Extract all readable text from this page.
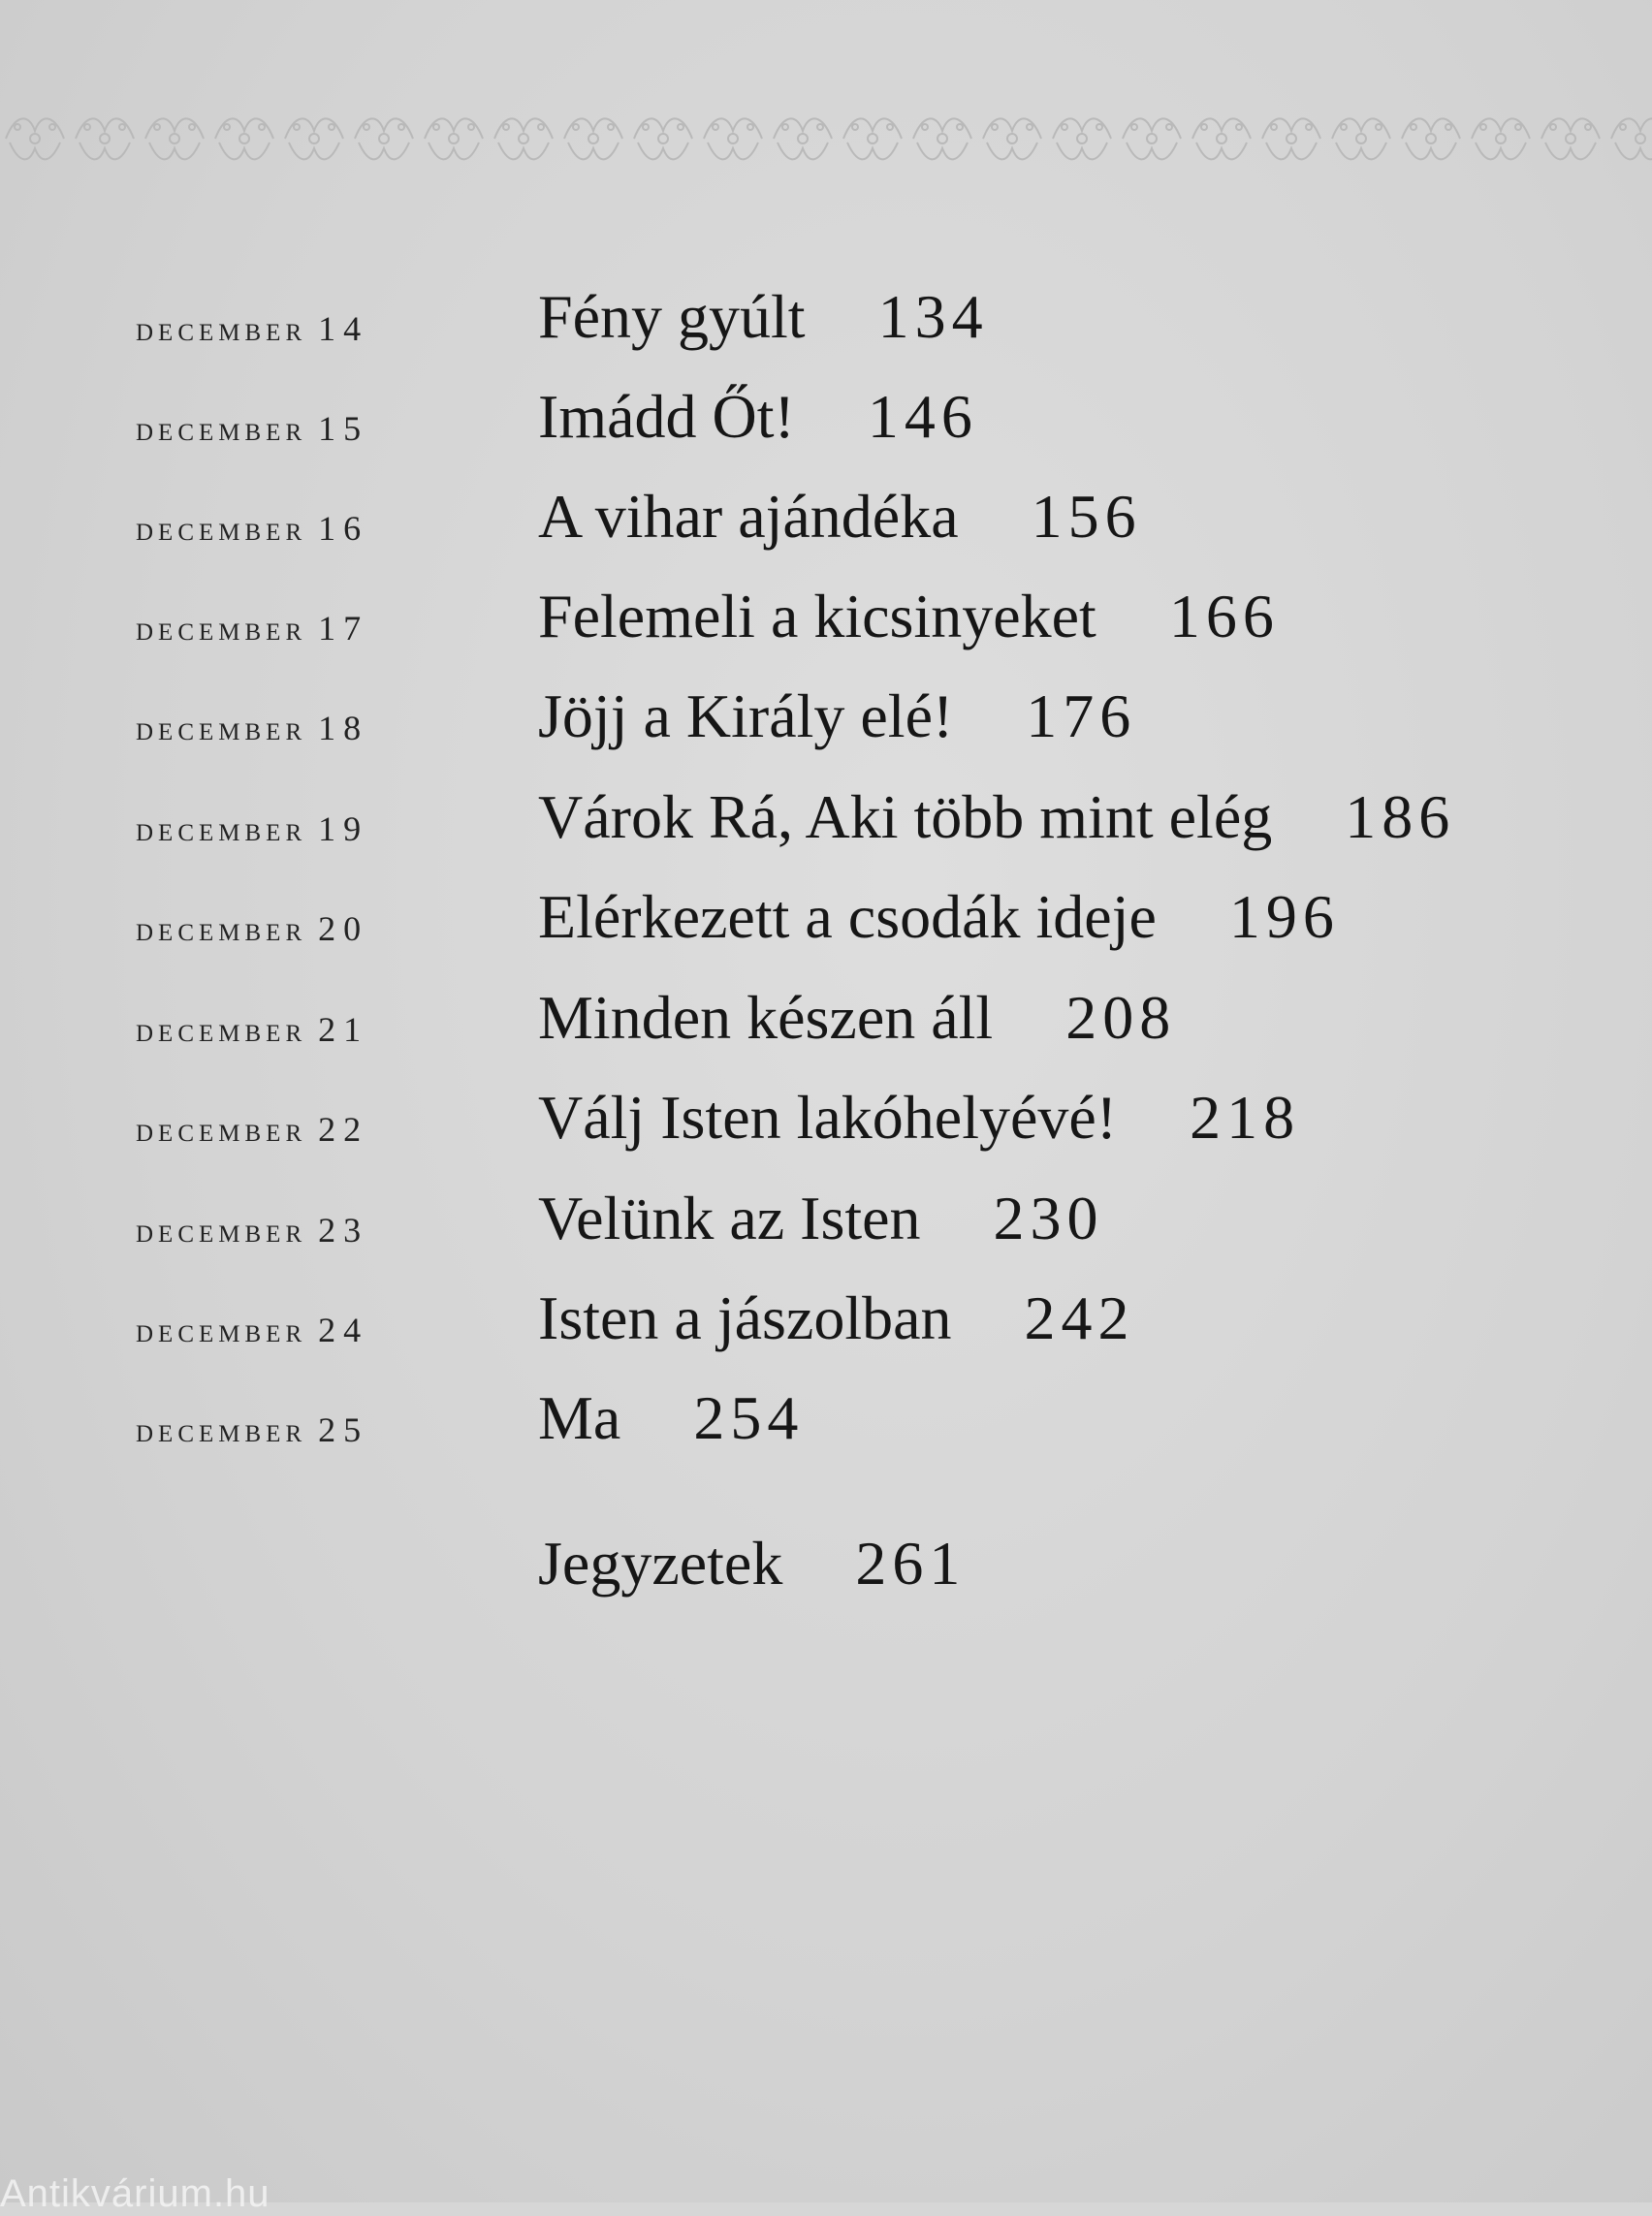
december 14	Fény gyúlt 134
december 15	Imádd Őt! 146
december 16	A vihar ajándéka 156
december 17	Felemeli a kicsinyeket 166
december 18	Jöjj a Király elé! 176
december 19	Várok Rá, Aki több mint elég 186
december 20	Elérkezett a csodák ideje 196
december 21	Minden készen áll 208
december 22	Válj Isten lakóhelyévé! 218
december 23	Velünk az Isten 230
december 24	Isten a jászolban 242
december 25	Ma 254
Jegyzetek 261
Antikvárium.hu
